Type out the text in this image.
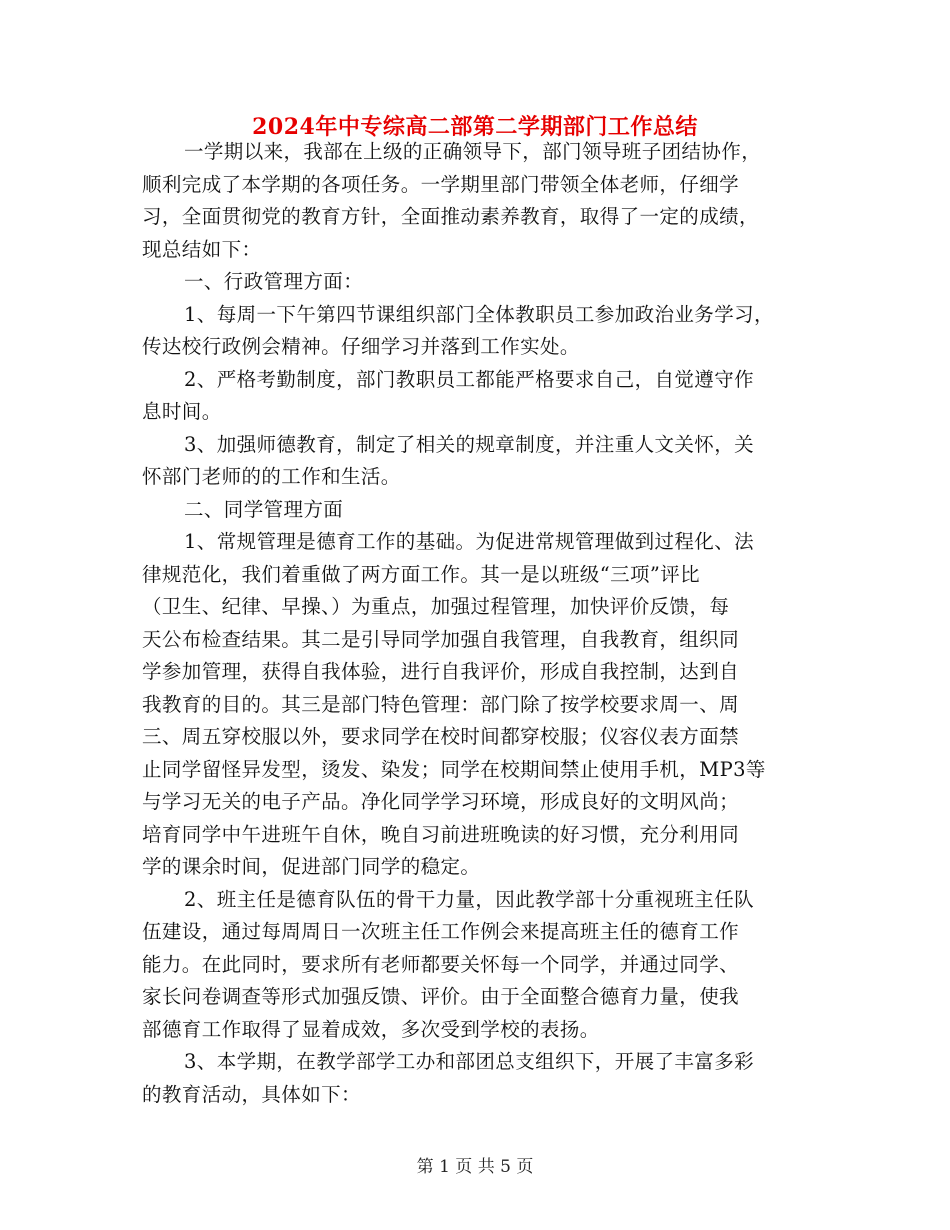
2024年中专综高二部第二学期部门工作总结
一学期以来，我部在上级的正确领导下，部门领导班子团结协作，
顺利完成了本学期的各项任务。一学期里部门带领全体老师，仔细学
习，全面贯彻党的教育方针，全面推动素养教育，取得了一定的成绩，
现总结如下：
一、行政管理方面：
1、每周一下午第四节课组织部门全体教职员工参加政治业务学习，
传达校行政例会精神。仔细学习并落到工作实处。
2、严格考勤制度，部门教职员工都能严格要求自己，自觉遵守作
息时间。
3、加强师德教育，制定了相关的规章制度，并注重人文关怀，关
怀部门老师的的工作和生活。
二、同学管理方面
1、常规管理是德育工作的基础。为促进常规管理做到过程化、法
律规范化，我们着重做了两方面工作。其一是以班级“三项”评比
（卫生、纪律、早操、）为重点，加强过程管理，加快评价反馈，每
天公布检查结果。其二是引导同学加强自我管理，自我教育，组织同
学参加管理，获得自我体验，进行自我评价，形成自我控制，达到自
我教育的目的。其三是部门特色管理：部门除了按学校要求周一、周
三、周五穿校服以外，要求同学在校时间都穿校服；仪容仪表方面禁
止同学留怪异发型，烫发、染发；同学在校期间禁止使用手机，MP3等
与学习无关的电子产品。净化同学学习环境，形成良好的文明风尚；
培育同学中午进班午自休，晚自习前进班晚读的好习惯，充分利用同
学的课余时间，促进部门同学的稳定。
2、班主任是德育队伍的骨干力量，因此教学部十分重视班主任队
伍建设，通过每周周日一次班主任工作例会来提高班主任的德育工作
能力。在此同时，要求所有老师都要关怀每一个同学，并通过同学、
家长问卷调查等形式加强反馈、评价。由于全面整合德育力量，使我
部德育工作取得了显着成效，多次受到学校的表扬。
3、本学期，在教学部学工办和部团总支组织下，开展了丰富多彩
的教育活动，具体如下：
第 1 页 共 5 页
